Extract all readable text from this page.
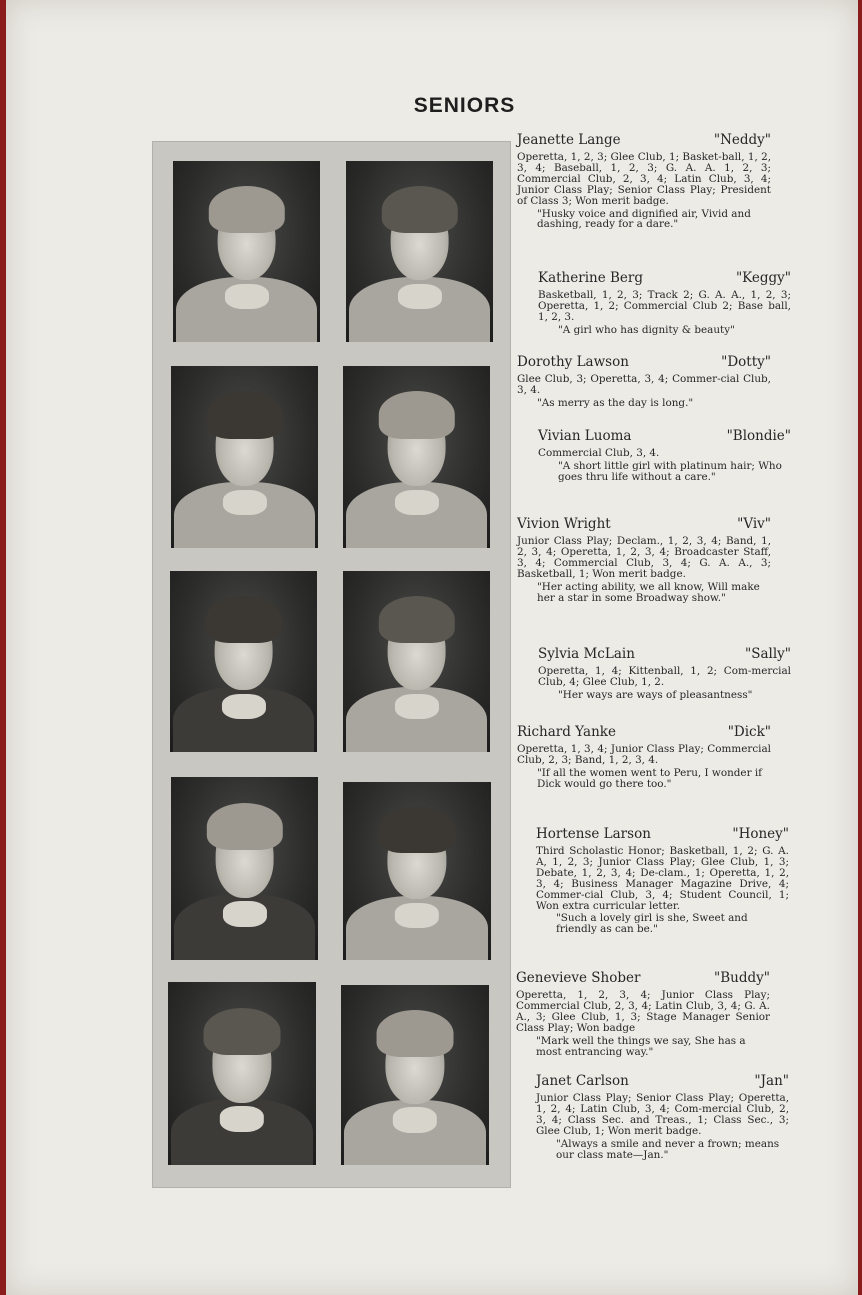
SENIORS
Jeanette Lange	"Neddy"
Operetta, 1, 2, 3; Glee Club, 1; Basket-ball, 1, 2, 3, 4; Baseball, 1, 2, 3; G. A. A. 1, 2, 3; Commercial Club, 2, 3, 4; Latin Club, 3, 4; Junior Class Play; Senior Class Play; President of Class 3; Won merit badge.
"Husky voice and dignified air, Vivid and dashing, ready for a dare."
Katherine Berg	"Keggy"
Basketball, 1, 2, 3; Track 2; G. A. A., 1, 2, 3; Operetta, 1, 2; Commercial Club 2; Base ball, 1, 2, 3.
"A girl who has dignity & beauty"
Dorothy Lawson	"Dotty"
Glee Club, 3; Operetta, 3, 4; Commer-cial Club, 3, 4.
"As merry as the day is long."
Vivian Luoma	"Blondie"
Commercial Club, 3, 4.
"A short little girl with platinum hair; Who goes thru life without a care."
Vivion Wright	"Viv"
Junior Class Play; Declam., 1, 2, 3, 4; Band, 1, 2, 3, 4; Operetta, 1, 2, 3, 4; Broadcaster Staff, 3, 4; Commercial Club, 3, 4; G. A. A., 3; Basketball, 1; Won merit badge.
"Her acting ability, we all know, Will make her a star in some Broadway show."
Sylvia McLain	"Sally"
Operetta, 1, 4; Kittenball, 1, 2; Com-mercial Club, 4; Glee Club, 1, 2.
"Her ways are ways of pleasantness"
Richard Yanke	"Dick"
Operetta, 1, 3, 4; Junior Class Play; Commercial Club, 2, 3; Band, 1, 2, 3, 4.
"If all the women went to Peru, I wonder if Dick would go there too."
Hortense Larson	"Honey"
Third Scholastic Honor; Basketball, 1, 2; G. A. A, 1, 2, 3; Junior Class Play; Glee Club, 1, 3; Debate, 1, 2, 3, 4; De-clam., 1; Operetta, 1, 2, 3, 4; Business Manager Magazine Drive, 4; Commer-cial Club, 3, 4; Student Council, 1; Won extra curricular letter.
"Such a lovely girl is she, Sweet and friendly as can be."
Genevieve Shober	"Buddy"
Operetta, 1, 2, 3, 4; Junior Class Play; Commercial Club, 2, 3, 4; Latin Club, 3, 4; G. A. A., 3; Glee Club, 1, 3; Stage Manager Senior Class Play; Won badge
"Mark well the things we say, She has a most entrancing way."
Janet Carlson	"Jan"
Junior Class Play; Senior Class Play; Operetta, 1, 2, 4; Latin Club, 3, 4; Com-mercial Club, 2, 3, 4; Class Sec. and Treas., 1; Class Sec., 3; Glee Club, 1; Won merit badge.
"Always a smile and never a frown; means our class mate—Jan."
